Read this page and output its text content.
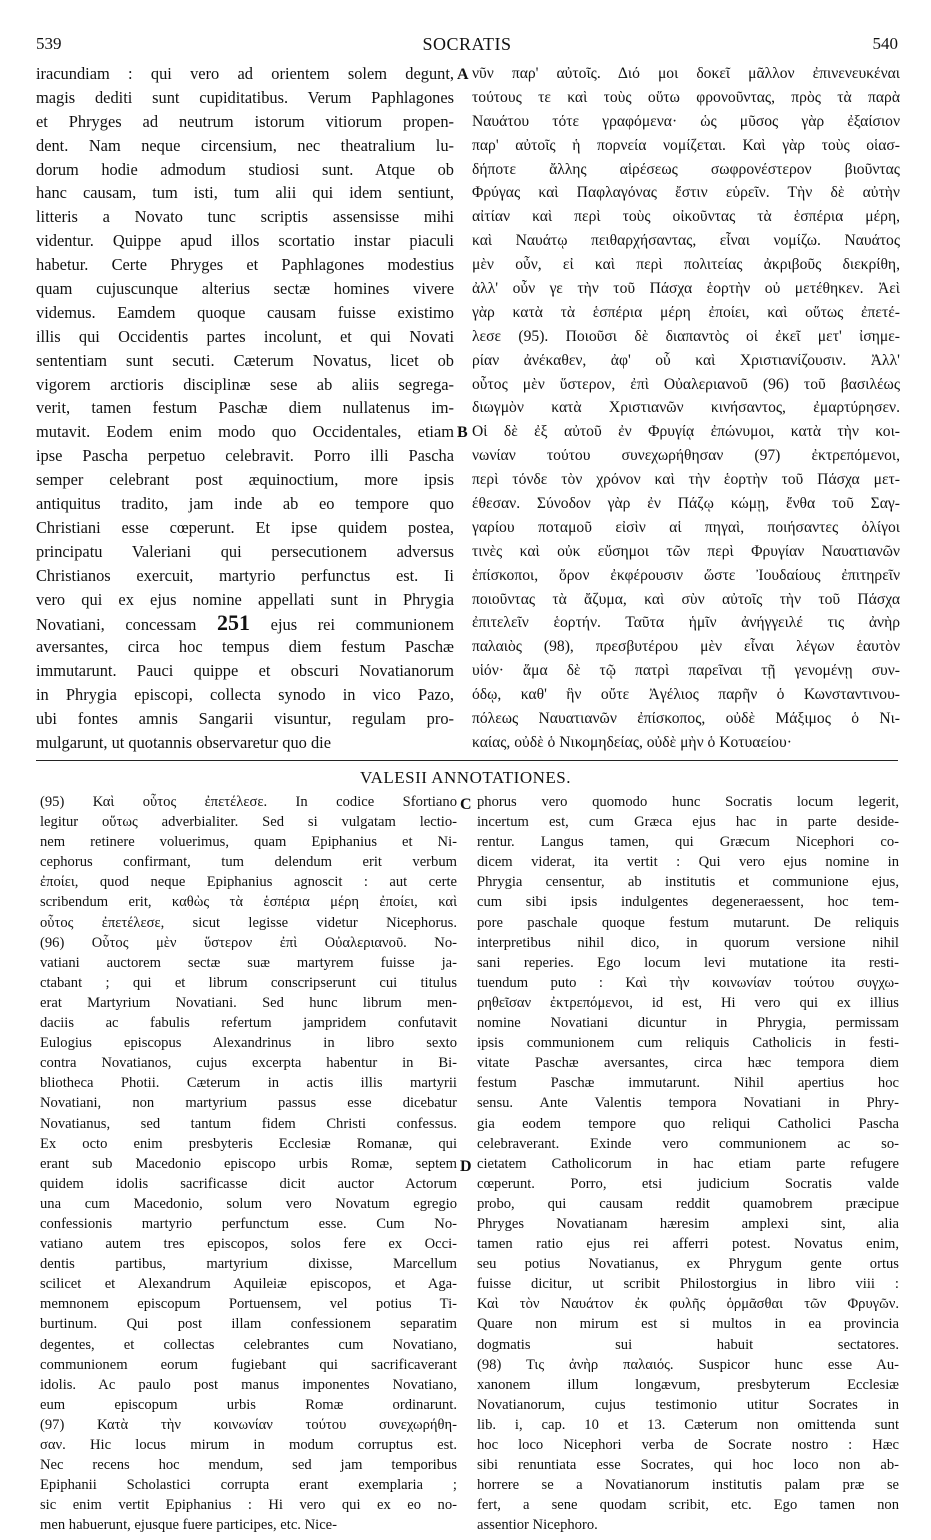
539	SOCRATIS	540
iracundiam : qui vero ad orientem solem degunt,
magis dediti sunt cupiditatibus. Verum Paphlagones
et Phryges ad neutrum istorum vitiorum propen-
dent. Nam neque circensium, nec theatralium lu-
dorum hodie admodum studiosi sunt. Atque ob
hanc causam, tum isti, tum alii qui idem sentiunt,
litteris a Novato tunc scriptis assensisse mihi
videntur. Quippe apud illos scortatio instar piaculi
habetur. Certe Phryges et Paphlagones modestius
quam cujuscunque alterius sectæ homines vivere
videmus. Eamdem quoque causam fuisse existimo
illis qui Occidentis partes incolunt, et qui Novati
sententiam sunt secuti. Cæterum Novatus, licet ob
vigorem arctioris disciplinæ sese ab aliis segrega-
verit, tamen festum Paschæ diem nullatenus im-
mutavit. Eodem enim modo quo Occidentales, etiam
ipse Pascha perpetuo celebravit. Porro illi Pascha
semper celebrant post æquinoctium, more ipsis
antiquitus tradito, jam inde ab eo tempore quo
Christiani esse cœperunt. Et ipse quidem postea,
principatu Valeriani qui persecutionem adversus
Christianos exercuit, martyrio perfunctus est. Ii
vero qui ex ejus nomine appellati sunt in Phrygia
Novatiani, concessam 251 ejus rei communionem
aversantes, circa hoc tempus diem festum Paschæ
immutarunt. Pauci quippe et obscuri Novatianorum
in Phrygia episcopi, collecta synodo in vico Pazo,
ubi fontes amnis Sangarii visuntur, regulam pro-
mulgarunt, ut quotannis observaretur quo die
νῦν παρ' αὐτοῖς. Διό μοι δοκεῖ μᾶλλον ἐπινενευκέναι
τούτους τε καὶ τοὺς οὕτω φρονοῦντας, πρὸς τὰ παρὰ
Ναυάτου τότε γραφόμενα· ὡς μῦσος γὰρ ἐξαίσιον
παρ' αὐτοῖς ἡ πορνεία νομίζεται. Καὶ γὰρ τοὺς οἱασ-
δήποτε ἄλλης αἱρέσεως σωφρονέστερον βιοῦντας
Φρύγας καὶ Παφλαγόνας ἔστιν εὑρεῖν. Τὴν δὲ αὐτὴν
αἰτίαν καὶ περὶ τοὺς οἰκοῦντας τὰ ἑσπέρια μέρη,
καὶ Ναυάτῳ πειθαρχήσαντας, εἶναι νομίζω. Ναυάτος
μὲν οὖν, εἰ καὶ περὶ πολιτείας ἀκριβοῦς διεκρίθη,
ἀλλ' οὖν γε τὴν τοῦ Πάσχα ἑορτὴν οὐ μετέθηκεν. Ἀεὶ
γὰρ κατὰ τὰ ἑσπέρια μέρη ἐποίει, καὶ οὕτως ἐπετέ-
λεσε (95). Ποιοῦσι δὲ διαπαντὸς οἱ ἐκεῖ μετ' ἰσημε-
ρίαν ἀνέκαθεν, ἀφ' οὗ καὶ Χριστιανίζουσιν. Ἀλλ'
οὗτος μὲν ὕστερον, ἐπὶ Οὐαλεριανοῦ (96) τοῦ βασιλέως
διωγμὸν κατὰ Χριστιανῶν κινήσαντος, ἐμαρτύρησεν.
Οἱ δὲ ἐξ αὐτοῦ ἐν Φρυγίᾳ ἐπώνυμοι, κατὰ τὴν κοι-
νωνίαν τούτου συνεχωρήθησαν (97) ἐκτρεπόμενοι,
περὶ τόνδε τὸν χρόνον καὶ τὴν ἑορτὴν τοῦ Πάσχα μετ-
έθεσαν. Σύνοδον γὰρ ἐν Πάζῳ κώμῃ, ἔνθα τοῦ Σαγ-
γαρίου ποταμοῦ εἰσὶν αἱ πηγαὶ, ποιήσαντες ὀλίγοι
τινὲς καὶ οὐκ εὔσημοι τῶν περὶ Φρυγίαν Ναυατιανῶν
ἐπίσκοποι, ὅρον ἐκφέρουσιν ὥστε Ἰουδαίους ἐπιτηρεῖν
ποιοῦντας τὰ ἄζυμα, καὶ σὺν αὐτοῖς τὴν τοῦ Πάσχα
ἐπιτελεῖν ἑορτήν. Ταῦτα ἡμῖν ἀνήγγειλέ τις ἀνὴρ
παλαιὸς (98), πρεσβυτέρου μὲν εἶναι λέγων ἑαυτὸν
υἱόν· ἅμα δὲ τῷ πατρὶ παρεῖναι τῇ γενομένῃ συν-
όδῳ, καθ' ἣν οὔτε Ἀγέλιος παρῆν ὁ Κωνσταντινου-
πόλεως Ναυατιανῶν ἐπίσκοπος, οὐδὲ Μάξιμος ὁ Νι-
καίας, οὐδὲ ὁ Νικομηδείας, οὐδὲ μὴν ὁ Κοτυαείου·
A
B
C
D
VALESII ANNOTATIONES.
(95) Καὶ οὗτος ἐπετέλεσε. In codice Sfortiano
legitur οὕτως adverbialiter. Sed si vulgatam lectio-
nem retinere voluerimus, quam Epiphanius et Ni-
cephorus confirmant, tum delendum erit verbum
ἐποίει, quod neque Epiphanius agnoscit : aut certe
scribendum erit, καθὼς τὰ ἑσπέρια μέρη ἐποίει, καὶ
οὗτος ἐπετέλεσε, sicut legisse videtur Nicephorus.
(96) Οὗτος μὲν ὕστερον ἐπὶ Οὐαλεριανοῦ. No-
vatiani auctorem sectæ suæ martyrem fuisse ja-
ctabant ; qui et librum conscripserunt cui titulus
erat Martyrium Novatiani. Sed hunc librum men-
daciis ac fabulis refertum jampridem confutavit
Eulogius episcopus Alexandrinus in libro sexto
contra Novatianos, cujus excerpta habentur in Bi-
bliotheca Photii. Cæterum in actis illis martyrii
Novatiani, non martyrium passus esse dicebatur
Novatianus, sed tantum fidem Christi confessus.
Ex octo enim presbyteris Ecclesiæ Romanæ, qui
erant sub Macedonio episcopo urbis Romæ, septem
quidem idolis sacrificasse dicit auctor Actorum
una cum Macedonio, solum vero Novatum egregio
confessionis martyrio perfunctum esse. Cum No-
vatiano autem tres episcopos, solos fere ex Occi-
dentis partibus, martyrium dixisse, Marcellum
scilicet et Alexandrum Aquileiæ episcopos, et Aga-
memnonem episcopum Portuensem, vel potius Ti-
burtinum. Qui post illam confessionem separatim
degentes, et collectas celebrantes cum Novatiano,
communionem eorum fugiebant qui sacrificaverant
idolis. Ac paulo post manus imponentes Novatiano,
eum episcopum urbis Romæ ordinarunt.
(97) Κατὰ τὴν κοινωνίαν τούτου συνεχωρήθη-
σαν. Hic locus mirum in modum corruptus est.
Nec recens hoc mendum, sed jam temporibus
Epiphanii Scholastici corrupta erant exemplaria ;
sic enim vertit Epiphanius : Hi vero qui ex eo no-
men habuerunt, ejusque fuere participes, etc. Nice-
phorus vero quomodo hunc Socratis locum legerit,
incertum est, cum Græca ejus hac in parte deside-
rentur. Langus tamen, qui Græcum Nicephori co-
dicem viderat, ita vertit : Qui vero ejus nomine in
Phrygia censentur, ab institutis et communione ejus,
cum sibi ipsis indulgentes degeneraessent, hoc tem-
pore paschale quoque festum mutarunt. De reliquis
interpretibus nihil dico, in quorum versione nihil
sani reperies. Ego locum levi mutatione ita resti-
tuendum puto : Καὶ τὴν κοινωνίαν τούτου συγχω-
ρηθεῖσαν ἐκτρεπόμενοι, id est, Hi vero qui ex illius
nomine Novatiani dicuntur in Phrygia, permissam
ipsis communionem cum reliquis Catholicis in festi-
vitate Paschæ aversantes, circa hæc tempora diem
festum Paschæ immutarunt. Nihil apertius hoc
sensu. Ante Valentis tempora Novatiani in Phry-
gia eodem tempore quo reliqui Catholici Pascha
celebraverant. Exinde vero communionem ac so-
cietatem Catholicorum in hac etiam parte refugere
cœperunt. Porro, etsi judicium Socratis valde
probo, qui causam reddit quamobrem præcipue
Phryges Novatianam hæresim amplexi sint, alia
tamen ratio ejus rei afferri potest. Novatus enim,
seu potius Novatianus, ex Phrygum gente ortus
fuisse dicitur, ut scribit Philostorgius in libro viii :
Καὶ τὸν Ναυάτον ἐκ φυλῆς ὁρμᾶσθαι τῶν Φρυγῶν.
Quare non mirum est si multos in ea provincia
dogmatis sui habuit sectatores.
(98) Τις ἀνὴρ παλαιός. Suspicor hunc esse Au-
xanonem illum longævum, presbyterum Ecclesiæ
Novatianorum, cujus testimonio utitur Socrates in
lib. i, cap. 10 et 13. Cæterum non omittenda sunt
hoc loco Nicephori verba de Socrate nostro : Hæc
sibi renuntiata esse Socrates, qui hoc loco non ab-
horrere se a Novatianorum institutis palam præ se
fert, a sene quodam scribit, etc. Ego tamen non
assentior Nicephoro.
